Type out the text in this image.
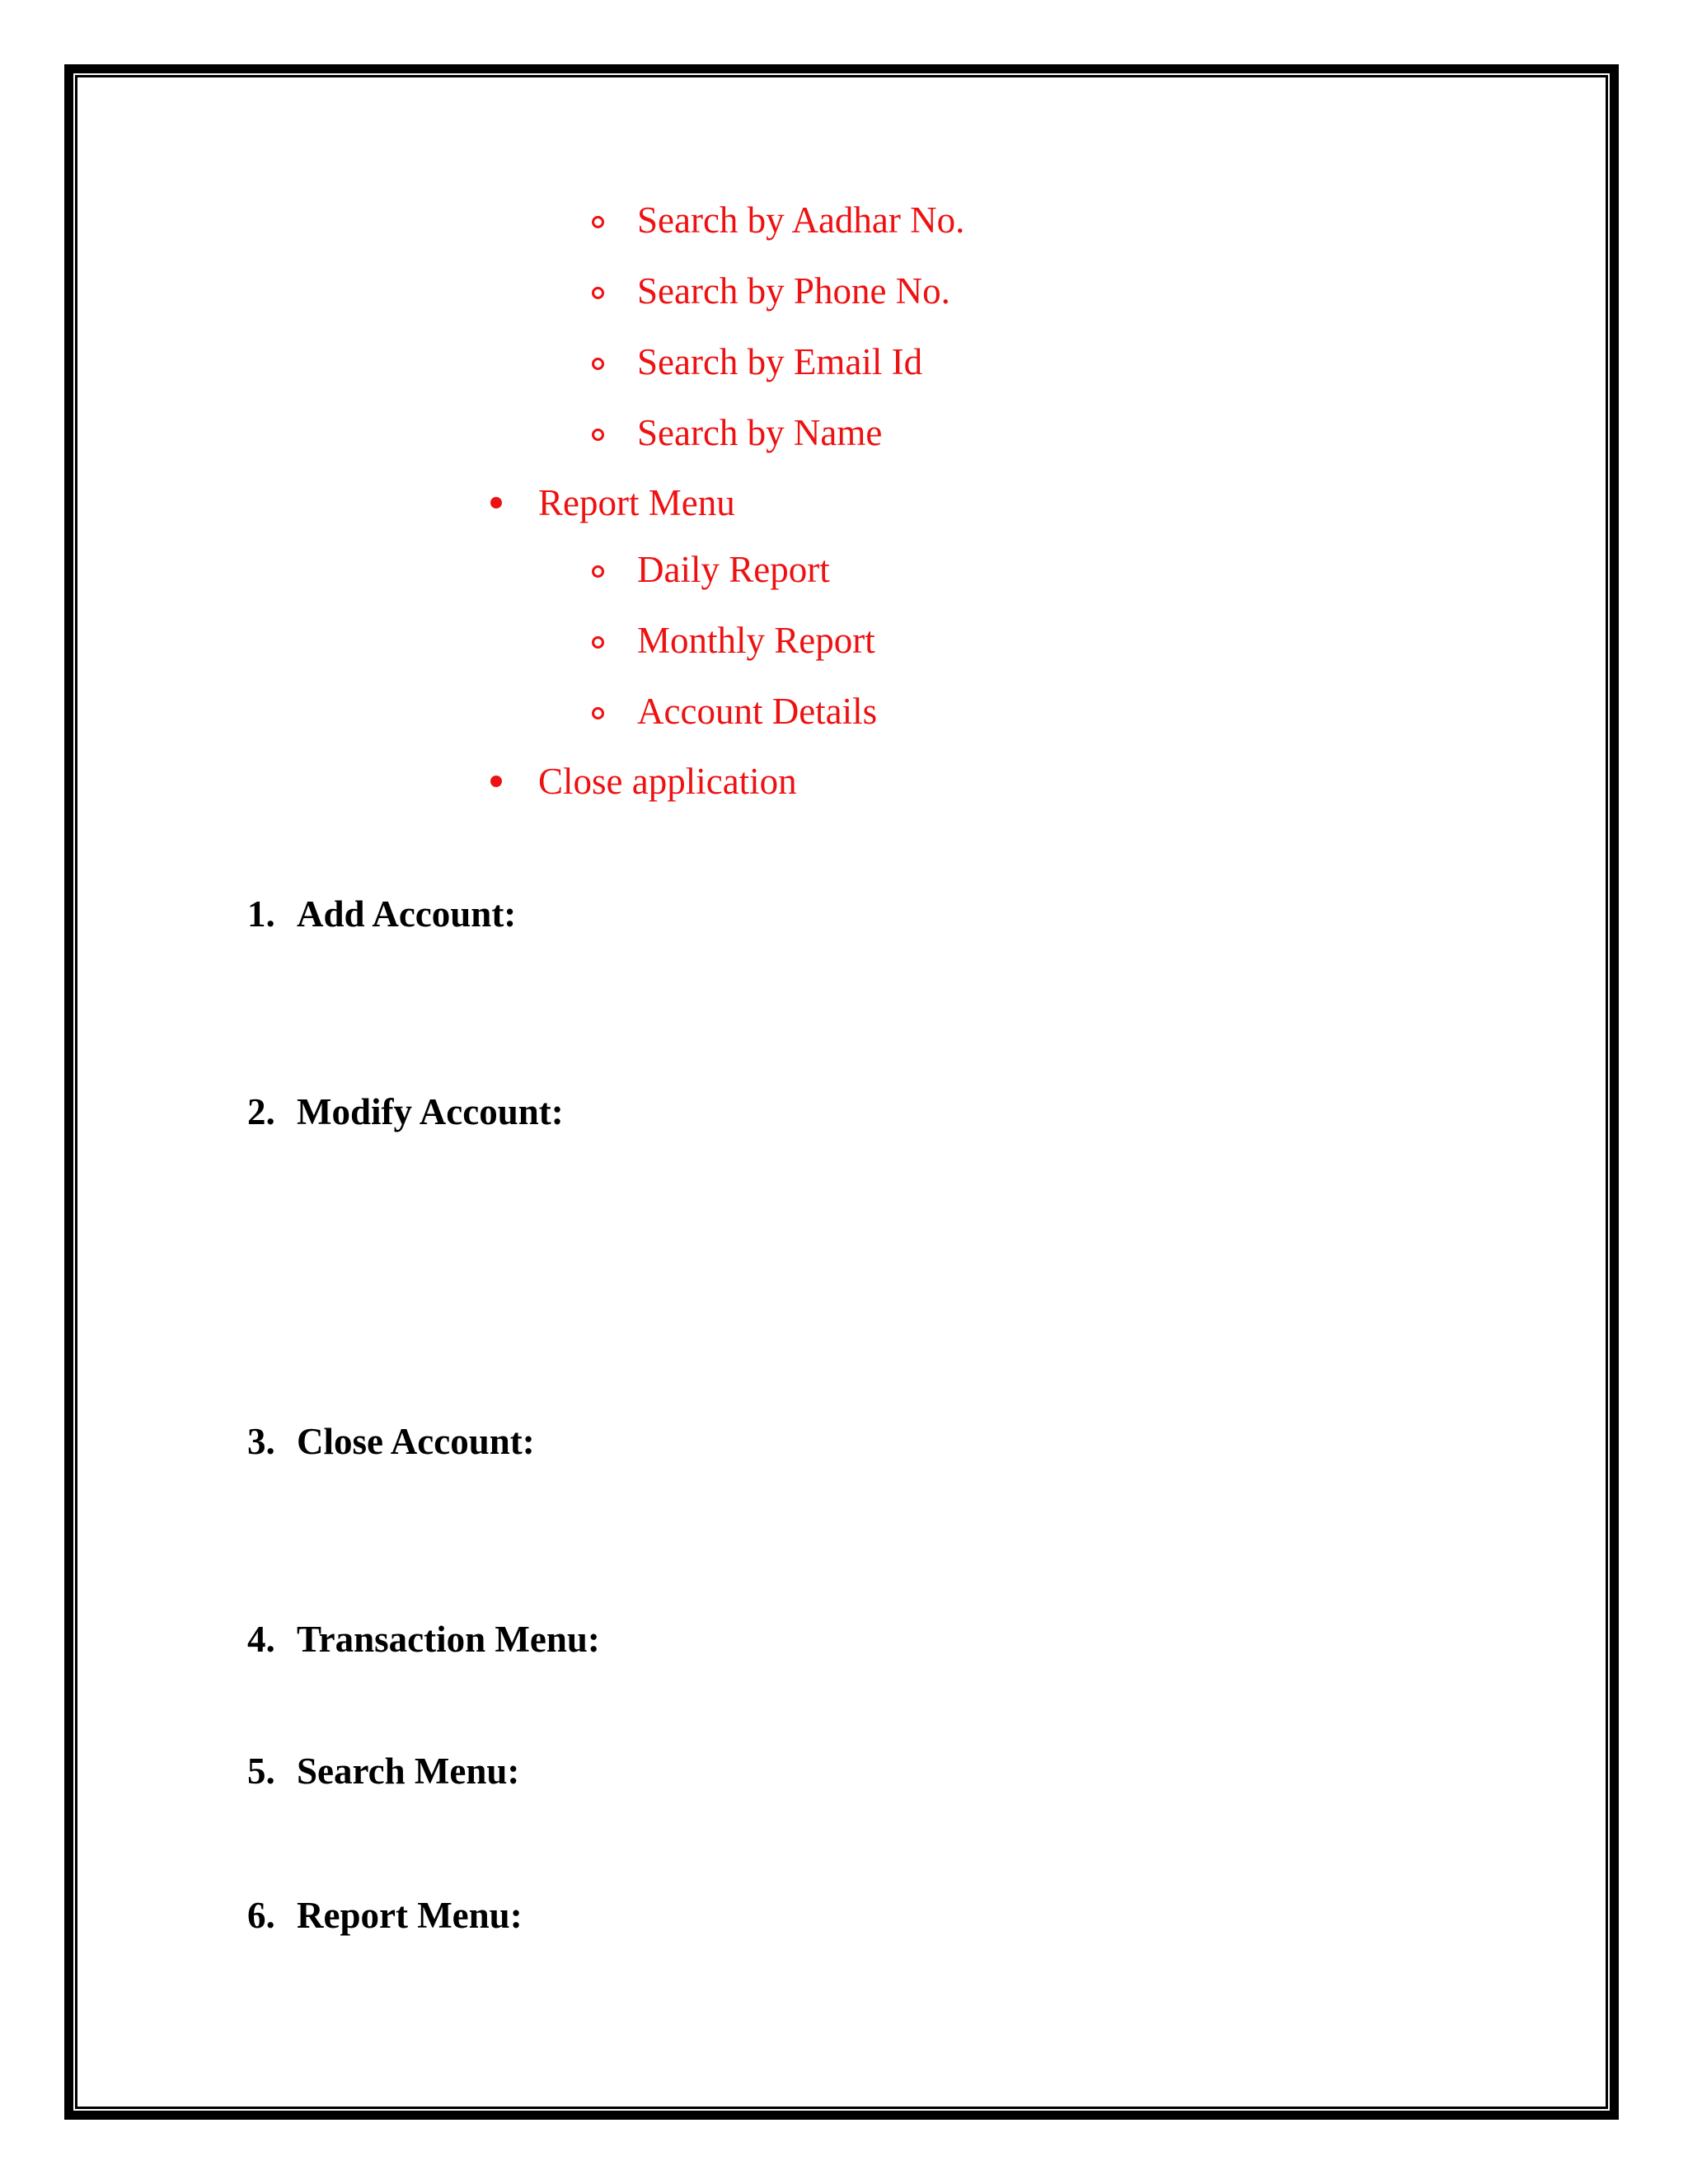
Search by Aadhar No.
Search by Phone No.
Search by Email Id
Search by Name
Report Menu
Daily Report
Monthly Report
Account Details
Close application
1. Add Account:
2. Modify Account:
3. Close Account:
4. Transaction Menu:
5. Search Menu:
6. Report Menu:
